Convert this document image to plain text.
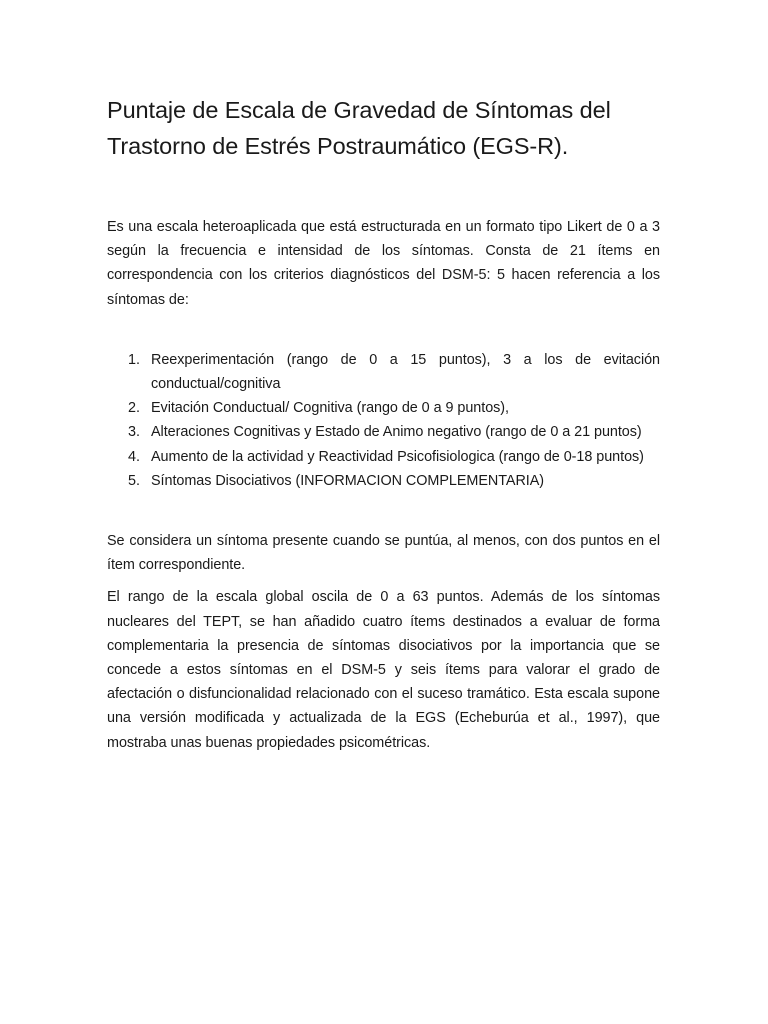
Puntaje de Escala de Gravedad de Síntomas del
Trastorno de Estrés Postraumático (EGS-R).

Es una escala heteroaplicada que está estructurada en un formato tipo Likert de 0 a 3 según la frecuencia e intensidad de los síntomas. Consta de 21 ítems en correspondencia con los criterios diagnósticos del DSM-5: 5 hacen referencia a los síntomas de:

1. Reexperimentación (rango de 0 a 15 puntos), 3 a los de evitación conductual/cognitiva
2. Evitación Conductual/ Cognitiva (rango de 0 a 9 puntos),
3. Alteraciones Cognitivas y Estado de Animo negativo (rango de 0 a 21 puntos)
4. Aumento de la actividad y Reactividad Psicofisiologica (rango de 0-18 puntos)
5. Síntomas Disociativos (INFORMACION COMPLEMENTARIA)

Se considera un síntoma presente cuando se puntúa, al menos, con dos puntos en el ítem correspondiente.

El rango de la escala global oscila de 0 a 63 puntos. Además de los síntomas nucleares del TEPT, se han añadido cuatro ítems destinados a evaluar de forma complementaria la presencia de síntomas disociativos por la importancia que se concede a estos síntomas en el DSM-5 y seis ítems para valorar el grado de afectación o disfuncionalidad relacionado con el suceso tramático. Esta escala supone una versión modificada y actualizada de la EGS (Echeburúa et al., 1997), que mostraba unas buenas propiedades psicométricas.
